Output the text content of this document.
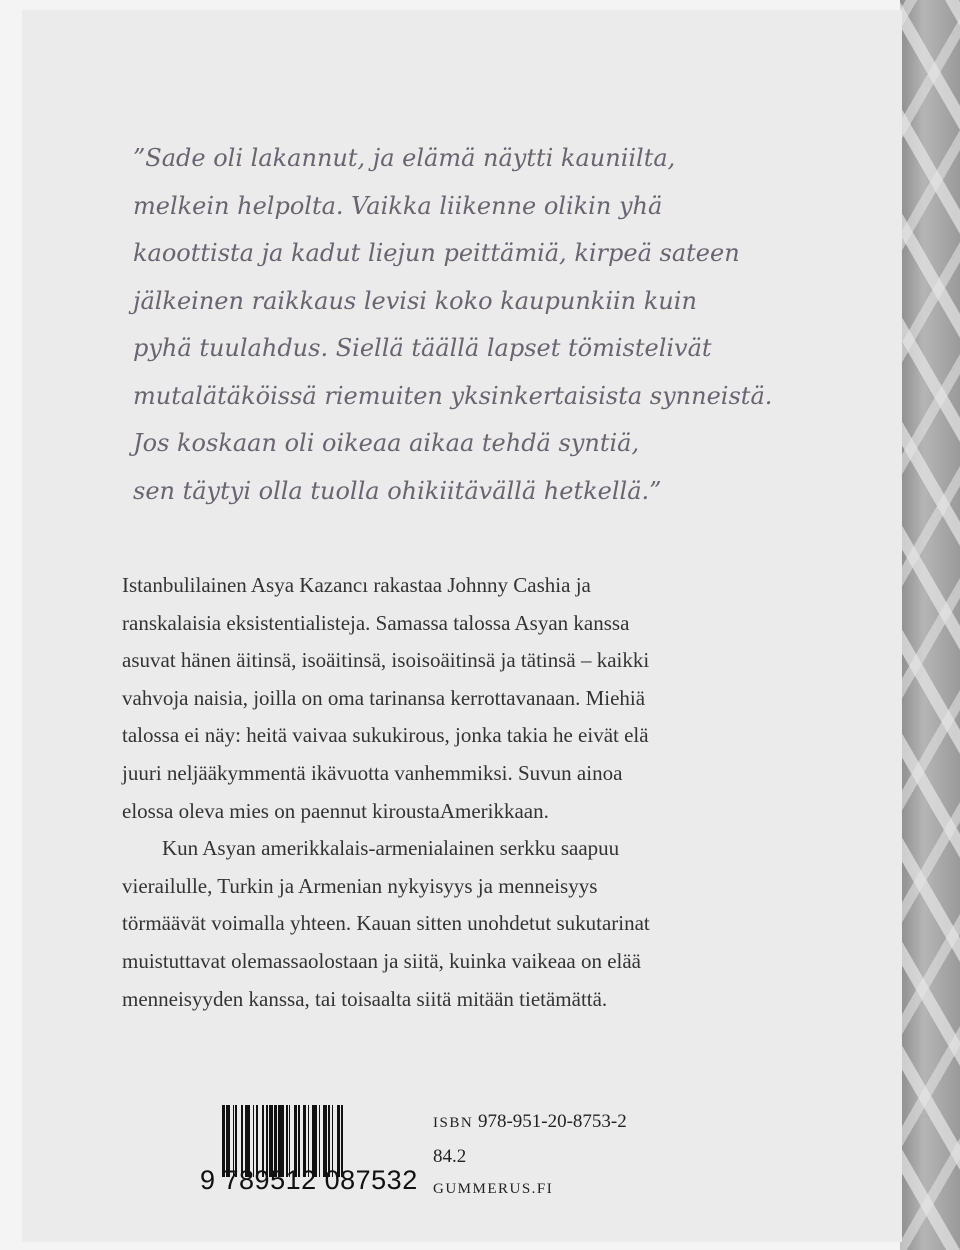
”Sade oli lakannut, ja elämä näytti kauniilta,
melkein helpolta. Vaikka liikenne olikin yhä
kaoottista ja kadut liejun peittämiä, kirpeä sateen
jälkeinen raikkaus levisi koko kaupunkiin kuin
pyhä tuulahdus. Siellä täällä lapset tömistelivät
mutalätäköissä riemuiten yksinkertaisista synneistä.
Jos koskaan oli oikeaa aikaa tehdä syntiä,
sen täytyi olla tuolla ohikiitävällä hetkellä.”

Istanbulilainen Asya Kazancı rakastaa Johnny Cashia ja
ranskalaisia eksistentialisteja. Samassa talossa Asyan kanssa
asuvat hänen äitinsä, isoäitinsä, isoisoäitinsä ja tätinsä – kaikki
vahvoja naisia, joilla on oma tarinansa kerrottavanaan. Miehiä
talossa ei näy: heitä vaivaa sukukirous, jonka takia he eivät elä
juuri neljääkymmentä ikävuotta vanhemmiksi. Suvun ainoa
elossa oleva mies on paennut kiroustaAmerikkaan.

Kun Asyan amerikkalais-armenialainen serkku saapuu
vierailulle, Turkin ja Armenian nykyisyys ja menneisyys
törmäävät voimalla yhteen. Kauan sitten unohdetut sukutarinat
muistuttavat olemassaolostaan ja siitä, kuinka vaikeaa on elää
menneisyyden kanssa, tai toisaalta siitä mitään tietämättä.

9 789512 087532
ISBN 978-951-20-8753-2
84.2
GUMMERUS.FI
